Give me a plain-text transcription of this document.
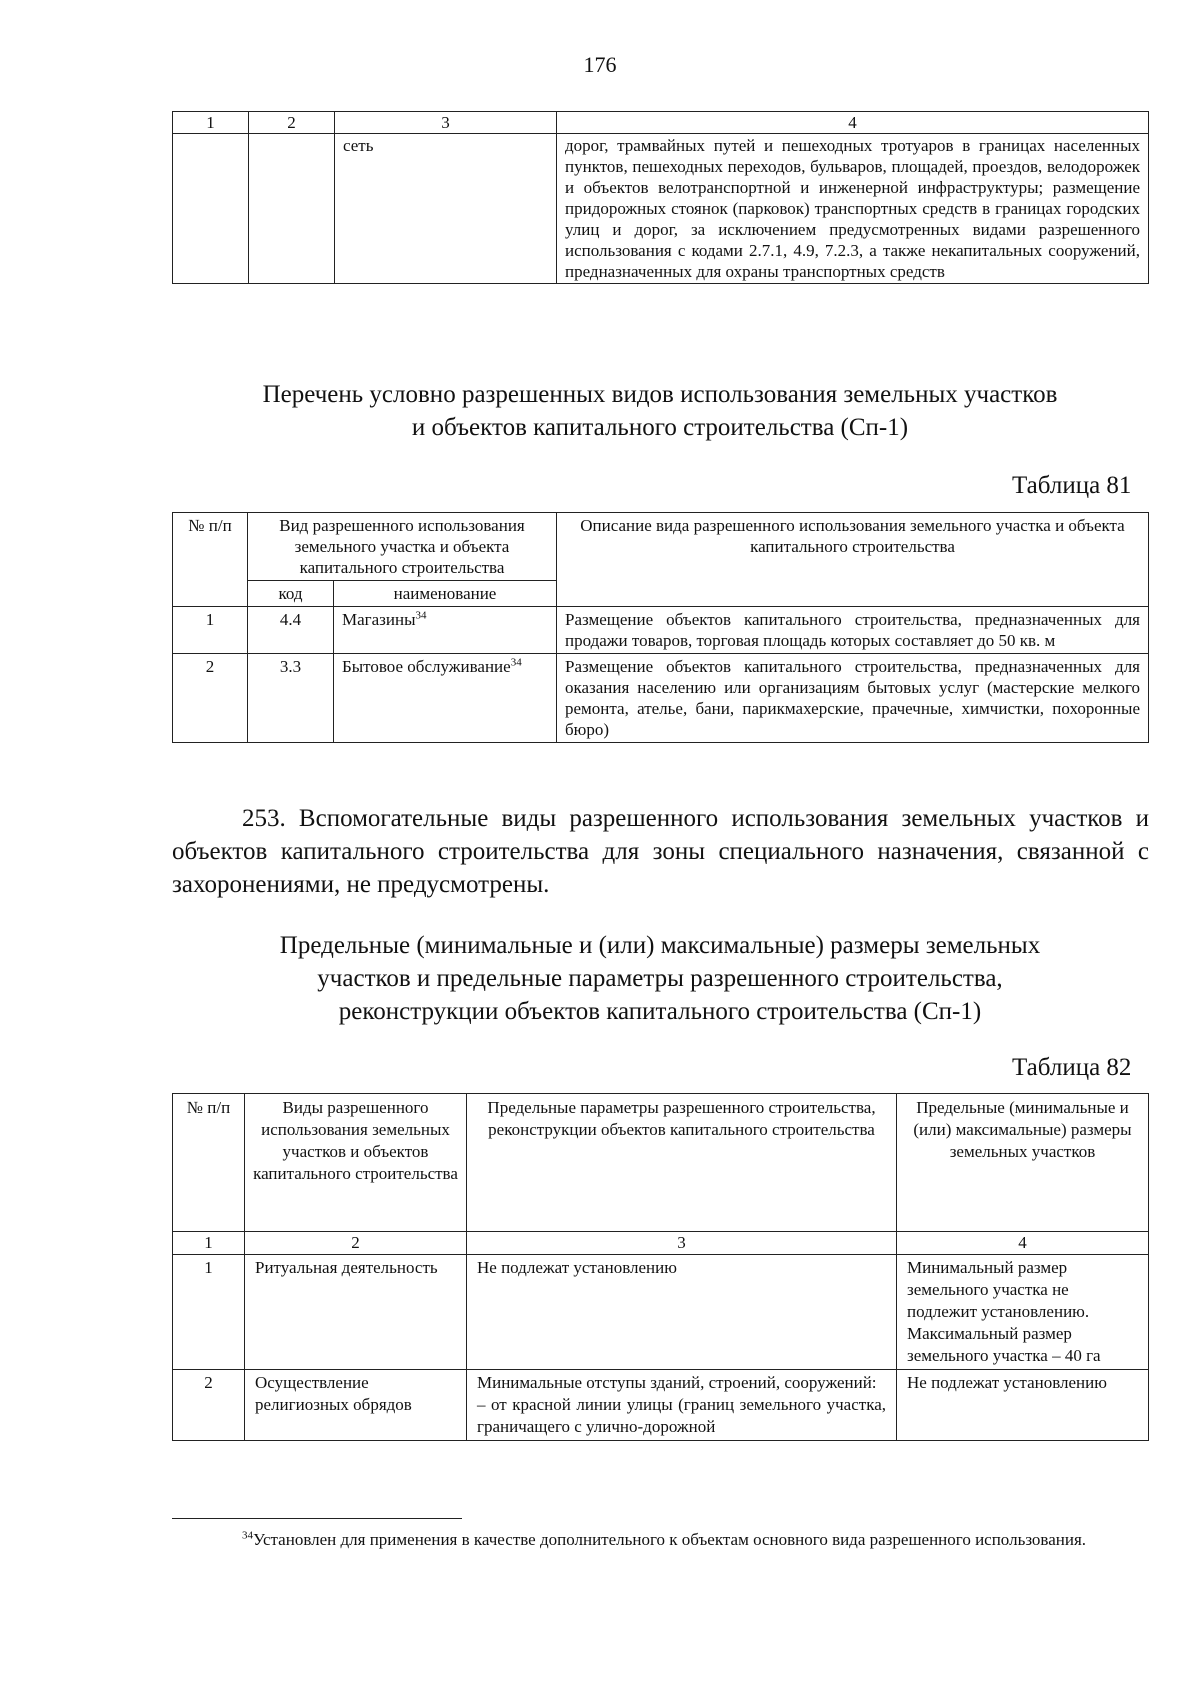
176
1	2	3	4
		сеть	дорог, трамвайных путей и пешеходных тротуаров в границах населенных пунктов, пешеходных переходов, бульваров, площадей, проездов, велодорожек и объектов велотранспортной и инженерной инфраструктуры; размещение придорожных стоянок (парковок) транспортных средств в границах городских улиц и дорог, за исключением предусмотренных видами разрешенного использования с кодами 2.7.1, 4.9, 7.2.3, а также некапитальных сооружений, предназначенных для охраны транспортных средств
Перечень условно разрешенных видов использования земельных участков
и объектов капитального строительства (Сп-1)
Таблица 81
№ п/п	Вид разрешенного использования земельного участка и объекта капитального строительства		Описание вида разрешенного использования земельного участка и объекта капитального строительства
	код	наименование	
1	4.4	Магазины$^{34}$	Размещение объектов капитального строительства, предназначенных для продажи товаров, торговая площадь которых составляет до 50 кв. м
2	3.3	Бытовое обслуживание$^{34}$	Размещение объектов капитального строительства, предназначенных для оказания населению или организациям бытовых услуг (мастерские мелкого ремонта, ателье, бани, парикмахерские, прачечные, химчистки, похоронные бюро)
253. Вспомогательные виды разрешенного использования земельных участков и объектов капитального строительства для зоны специального назначения, связанной с захоронениями, не предусмотрены.
Предельные (минимальные и (или) максимальные) размеры земельных
участков и предельные параметры разрешенного строительства,
реконструкции объектов капитального строительства (Сп-1)
Таблица 82
№ п/п	Виды разрешенного использования земельных участков и объектов капитального строительства	Предельные параметры разрешенного строительства, реконструкции объектов капитального строительства	Предельные (минимальные и (или) максимальные) размеры земельных участков
1	2	3	4
1	Ритуальная деятельность	Не подлежат установлению	Минимальный размер земельного участка не подлежит установлению.
Максимальный размер земельного участка – 40 га

2	Осуществление религиозных обрядов	Минимальные отступы зданий, строений, сооружений:
– от красной линии улицы (границ земельного участка, граничащего с улично-дорожной	Не подлежат установлению
$^{34}$Установлен для применения в качестве дополнительного к объектам основного вида разрешенного использования.
